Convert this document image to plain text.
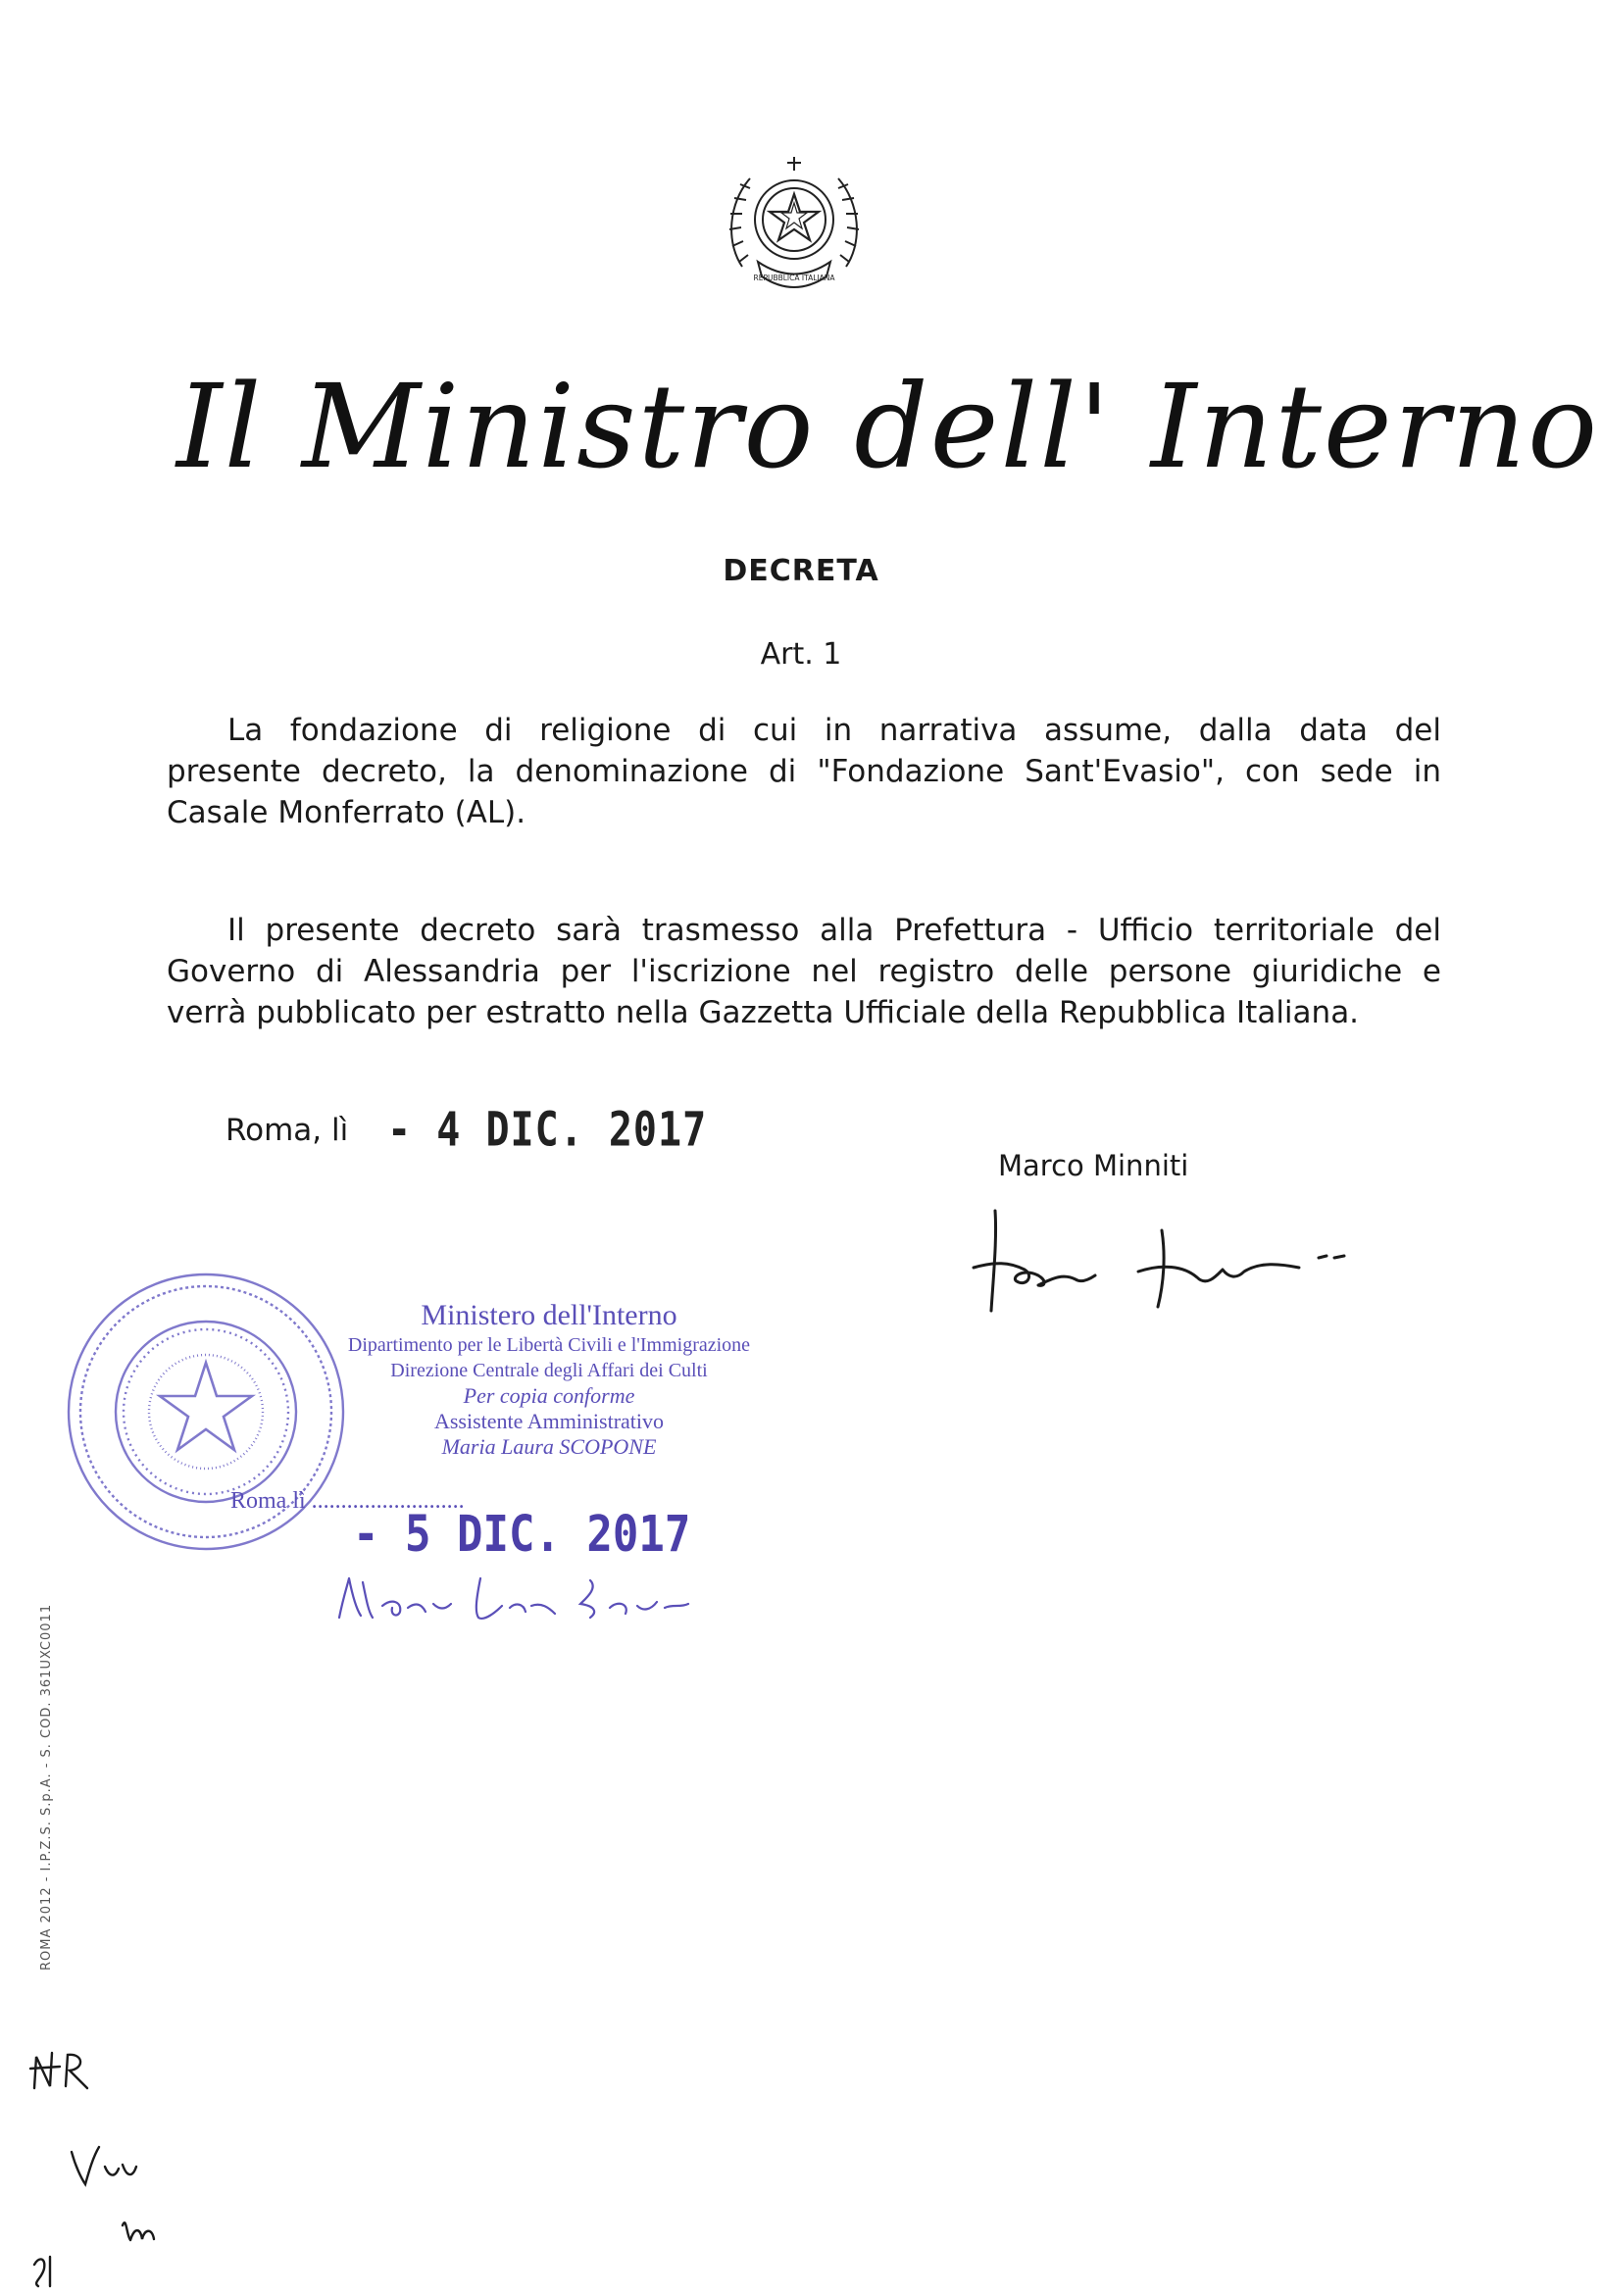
REPUBBLICA ITALIANA
Il Ministro dell' Interno
DECRETA
Art. 1
La fondazione di religione di cui in narrativa assume, dalla data del
presente decreto, la denominazione di "Fondazione Sant'Evasio", con sede in
Casale Monferrato (AL).
Il presente decreto sarà trasmesso alla Prefettura - Ufficio territoriale del
Governo di Alessandria per l'iscrizione nel registro delle persone giuridiche e
verrà pubblicato per estratto nella Gazzetta Ufficiale della Repubblica Italiana.
Roma, lì - 4 DIC. 2017
Marco Minniti
Ministero dell'Interno
Dipartimento per le Libertà Civili e l'Immigrazione
Direzione Centrale degli Affari dei Culti
Per copia conforme
Assistente Amministrativo
Maria Laura SCOPONE
Roma lì ..........................
- 5 DIC. 2017
ROMA 2012 - I.P.Z.S. S.p.A. - S. COD. 361UXC0011
